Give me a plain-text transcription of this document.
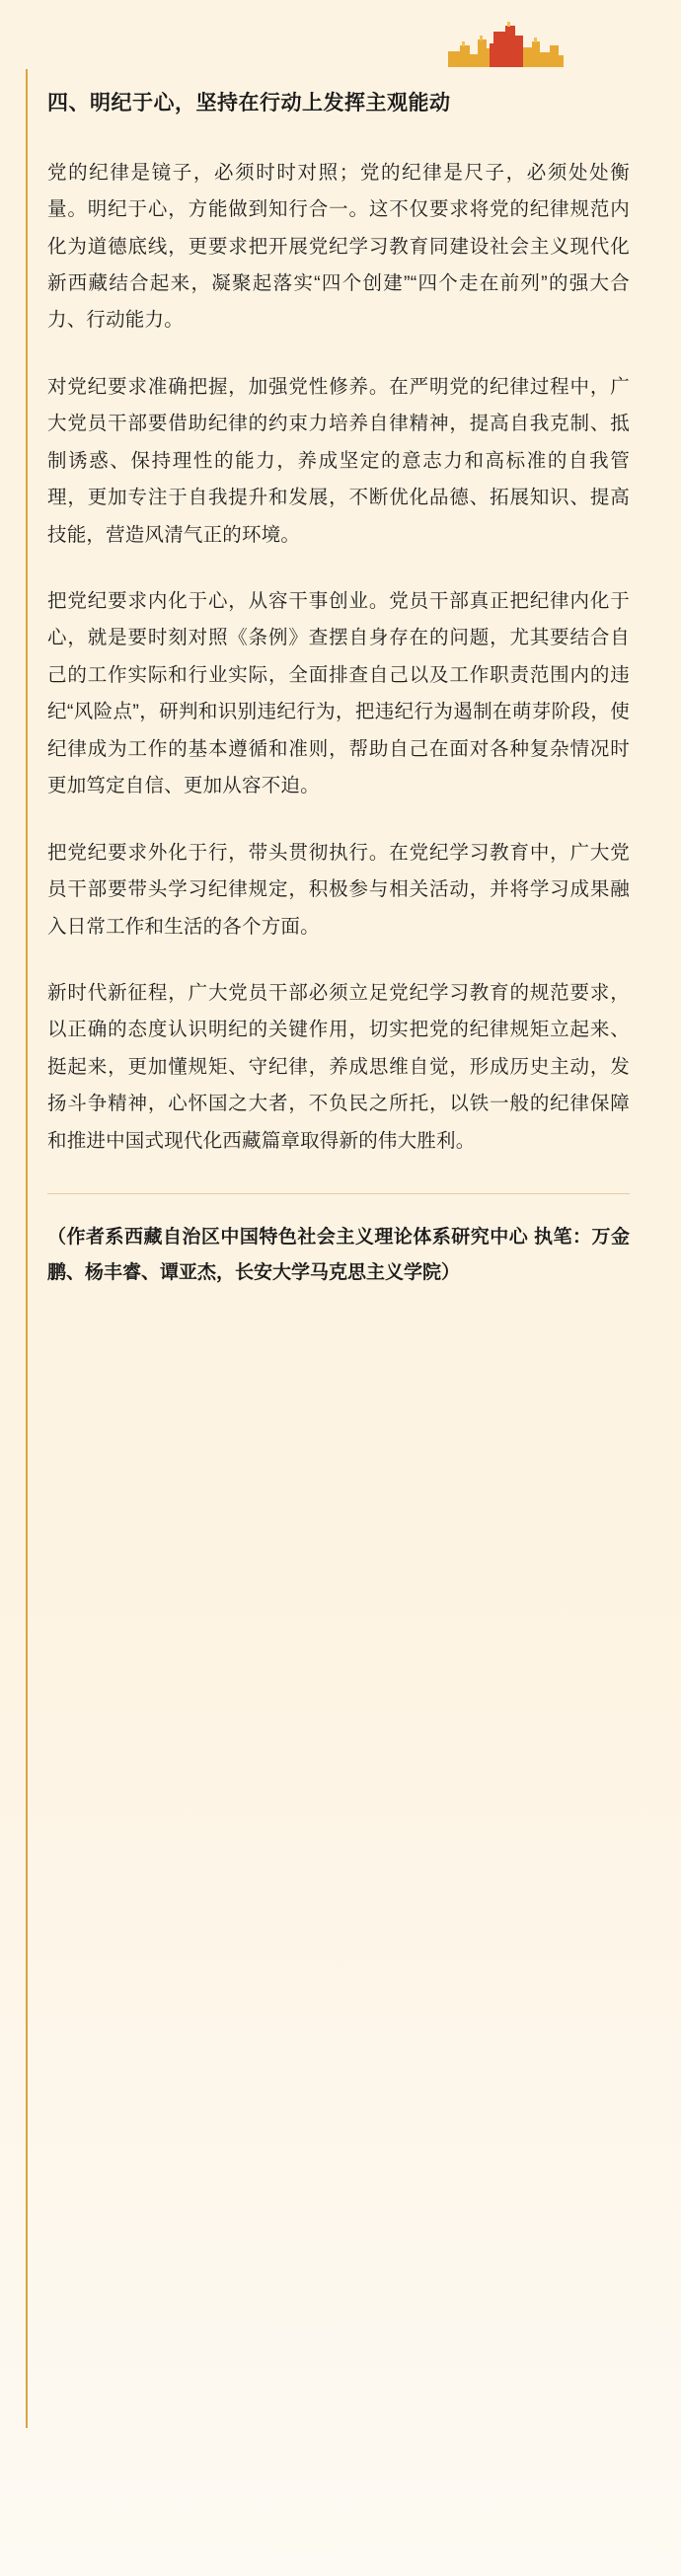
四、明纪于心，坚持在行动上发挥主观能动

党的纪律是镜子，必须时时对照；党的纪律是尺子，必须处处衡量。明纪于心，方能做到知行合一。这不仅要求将党的纪律规范内化为道德底线，更要求把开展党纪学习教育同建设社会主义现代化新西藏结合起来，凝聚起落实“四个创建”“四个走在前列”的强大合力、行动能力。

对党纪要求准确把握，加强党性修养。在严明党的纪律过程中，广大党员干部要借助纪律的约束力培养自律精神，提高自我克制、抵制诱惑、保持理性的能力，养成坚定的意志力和高标准的自我管理，更加专注于自我提升和发展，不断优化品德、拓展知识、提高技能，营造风清气正的环境。

把党纪要求内化于心，从容干事创业。党员干部真正把纪律内化于心，就是要时刻对照《条例》查摆自身存在的问题，尤其要结合自己的工作实际和行业实际，全面排查自己以及工作职责范围内的违纪“风险点”，研判和识别违纪行为，把违纪行为遏制在萌芽阶段，使纪律成为工作的基本遵循和准则，帮助自己在面对各种复杂情况时更加笃定自信、更加从容不迫。

把党纪要求外化于行，带头贯彻执行。在党纪学习教育中，广大党员干部要带头学习纪律规定，积极参与相关活动，并将学习成果融入日常工作和生活的各个方面。

新时代新征程，广大党员干部必须立足党纪学习教育的规范要求，以正确的态度认识明纪的关键作用，切实把党的纪律规矩立起来、挺起来，更加懂规矩、守纪律，养成思维自觉，形成历史主动，发扬斗争精神，心怀国之大者，不负民之所托，以铁一般的纪律保障和推进中国式现代化西藏篇章取得新的伟大胜利。

（作者系西藏自治区中国特色社会主义理论体系研究中心 执笔：万金鹏、杨丰睿、谭亚杰，长安大学马克思主义学院）
